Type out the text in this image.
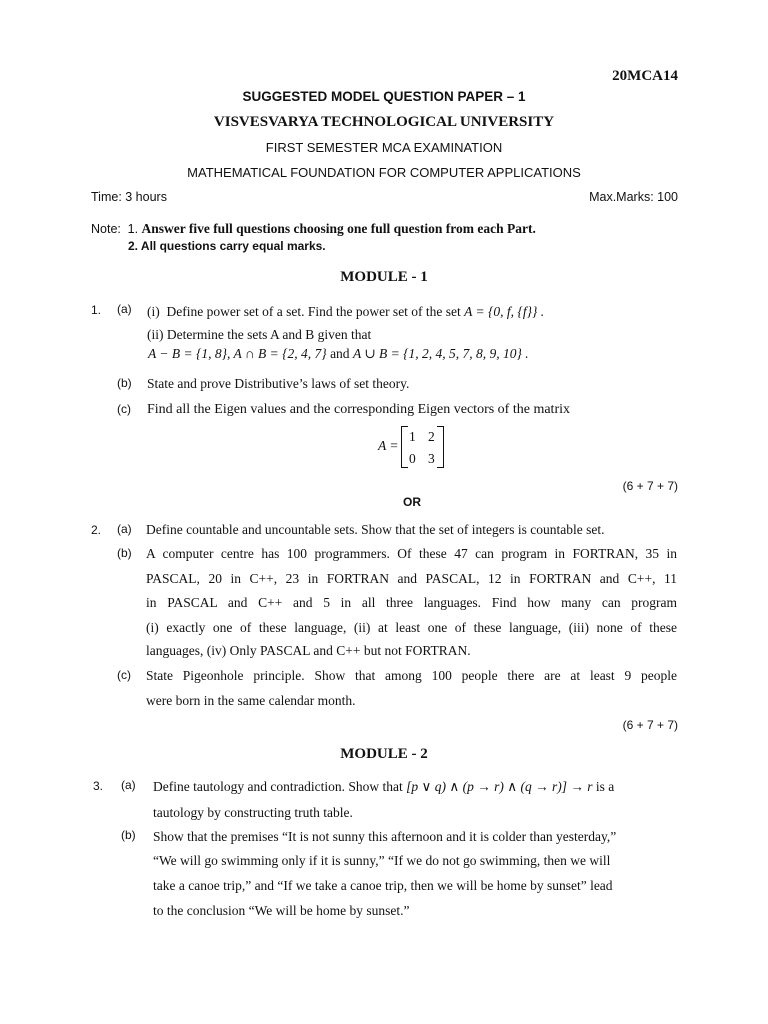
20MCA14
SUGGESTED MODEL QUESTION PAPER – 1
VISVESVARYA TECHNOLOGICAL UNIVERSITY
FIRST SEMESTER MCA EXAMINATION
MATHEMATICAL FOUNDATION FOR COMPUTER APPLICATIONS
Time: 3 hours	Max.Marks: 100
Note: 1. Answer five full questions choosing one full question from each Part.
2. All questions carry equal marks.
MODULE - 1
1. (a) (i) Define power set of a set. Find the power set of the set A = {0, f, {f}} .
(ii) Determine the sets A and B given that
A − B = {1, 8}, A ∩ B = {2, 4, 7} and A ∪ B = {1, 2, 4, 5, 7, 8, 9, 10} .
(b) State and prove Distributive’s laws of set theory.
(c) Find all the Eigen values and the corresponding Eigen vectors of the matrix
A =
1 2
0 3
(6 + 7 + 7)
OR
2. (a) Define countable and uncountable sets. Show that the set of integers is countable set.
(b) A computer centre has 100 programmers. Of these 47 can program in FORTRAN, 35 in
PASCAL, 20 in C++, 23 in FORTRAN and PASCAL, 12 in FORTRAN and C++, 11
in PASCAL and C++ and 5 in all three languages. Find how many can program
(i) exactly one of these language, (ii) at least one of these language, (iii) none of these
languages, (iv) Only PASCAL and C++ but not FORTRAN.
(c) State Pigeonhole principle. Show that among 100 people there are at least 9 people
were born in the same calendar month.
(6 + 7 + 7)
MODULE - 2
3. (a) Define tautology and contradiction. Show that [p ∨ q) ∧ (p → r) ∧ (q → r)] → r is a
tautology by constructing truth table.
(b) Show that the premises “It is not sunny this afternoon and it is colder than yesterday,”
“We will go swimming only if it is sunny,” “If we do not go swimming, then we will
take a canoe trip,” and “If we take a canoe trip, then we will be home by sunset” lead
to the conclusion “We will be home by sunset.”
